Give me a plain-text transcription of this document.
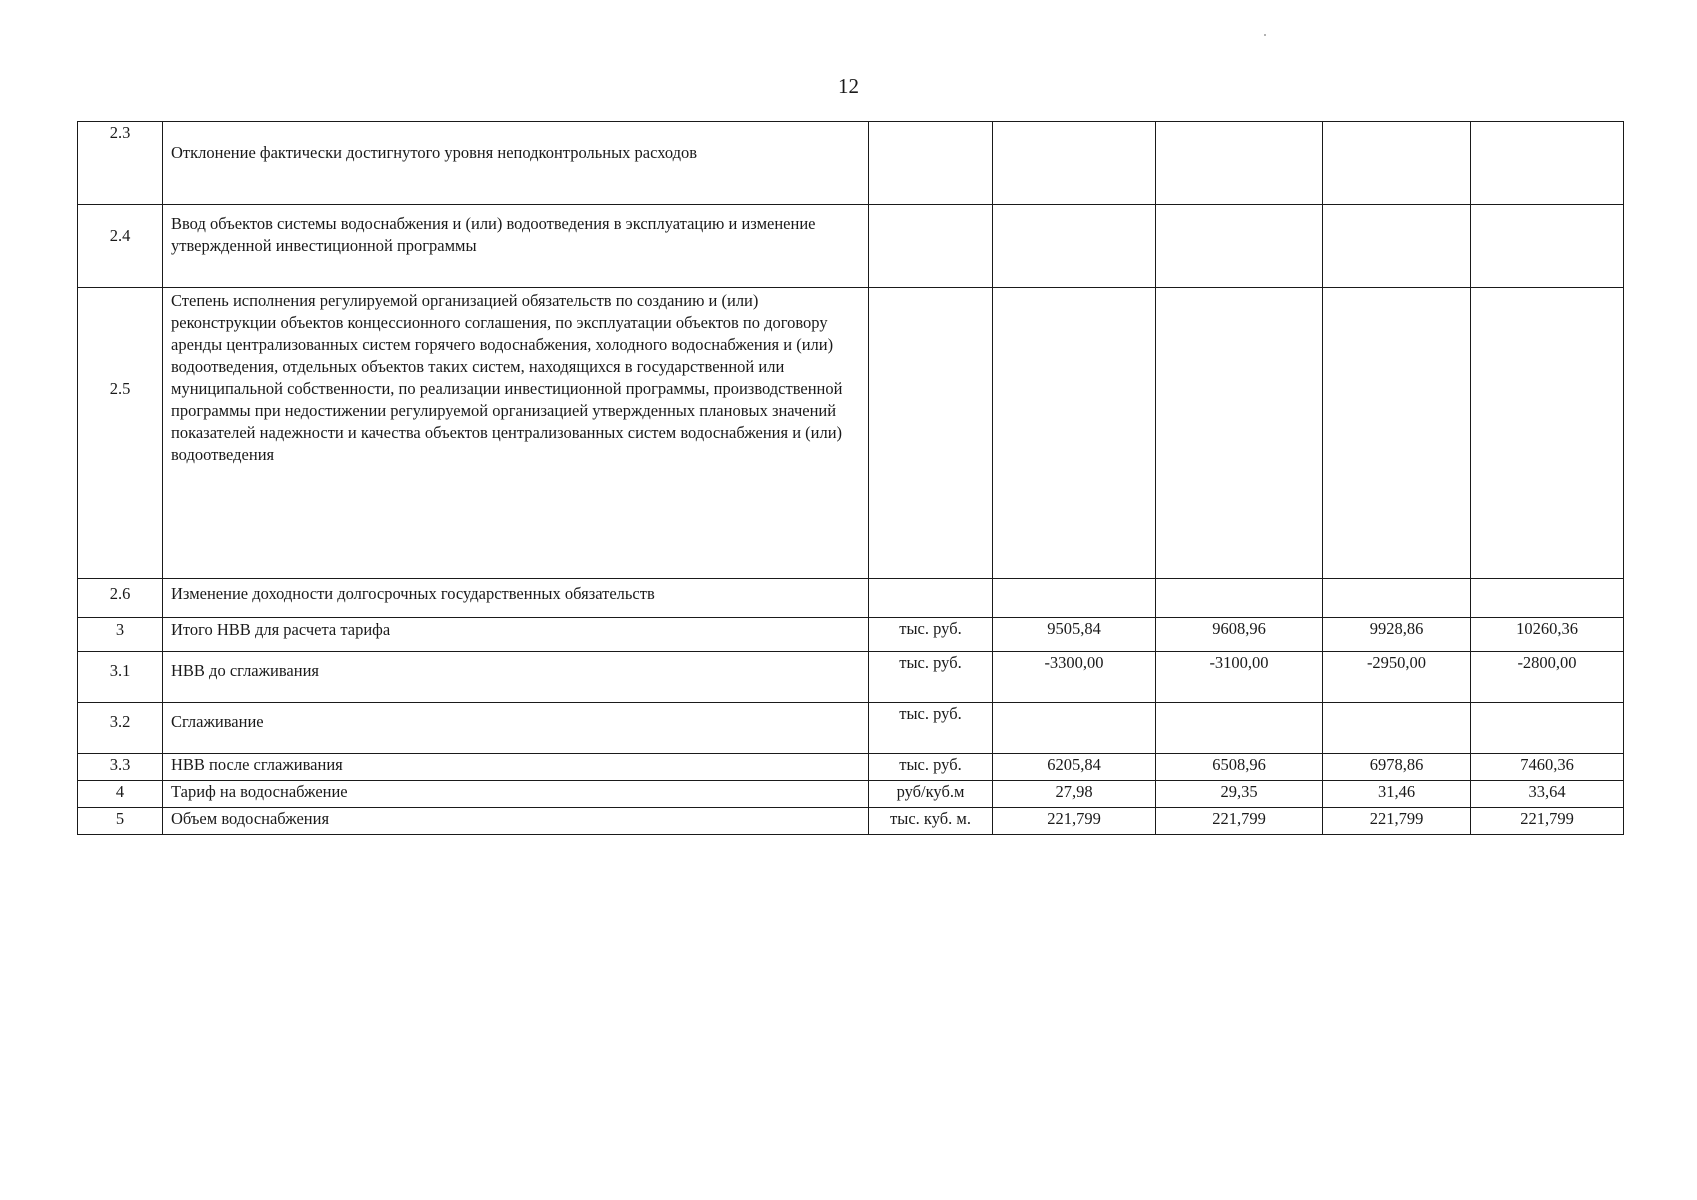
12
2.3	Отклонение фактически достигнутого уровня неподконтрольных расходов					
2.4	Ввод объектов системы водоснабжения и (или) водоотведения в эксплуатацию и изменение утвержденной инвестиционной программы					
2.5	Степень исполнения регулируемой организацией обязательств по созданию и (или) реконструкции объектов концессионного соглашения, по эксплуатации объектов по договору аренды централизованных систем горячего водоснабжения, холодного водоснабжения и (или) водоотведения, отдельных объектов таких систем, находящихся в государственной или муниципальной собственности, по реализации инвестиционной программы, производственной программы при недостижении регулируемой организацией утвержденных плановых значений показателей надежности и качества объектов централизованных систем водоснабжения и (или) водоотведения					
2.6	Изменение доходности долгосрочных государственных обязательств					
3	Итого НВВ для расчета тарифа	тыс. руб.	9505,84	9608,96	9928,86	10260,36
3.1	НВВ до сглаживания	тыс. руб.	-3300,00	-3100,00	-2950,00	-2800,00
3.2	Сглаживание	тыс. руб.				
3.3	НВВ после сглаживания	тыс. руб.	6205,84	6508,96	6978,86	7460,36
4	Тариф на водоснабжение	руб/куб.м	27,98	29,35	31,46	33,64
5	Объем водоснабжения	тыс. куб. м.	221,799	221,799	221,799	221,799
